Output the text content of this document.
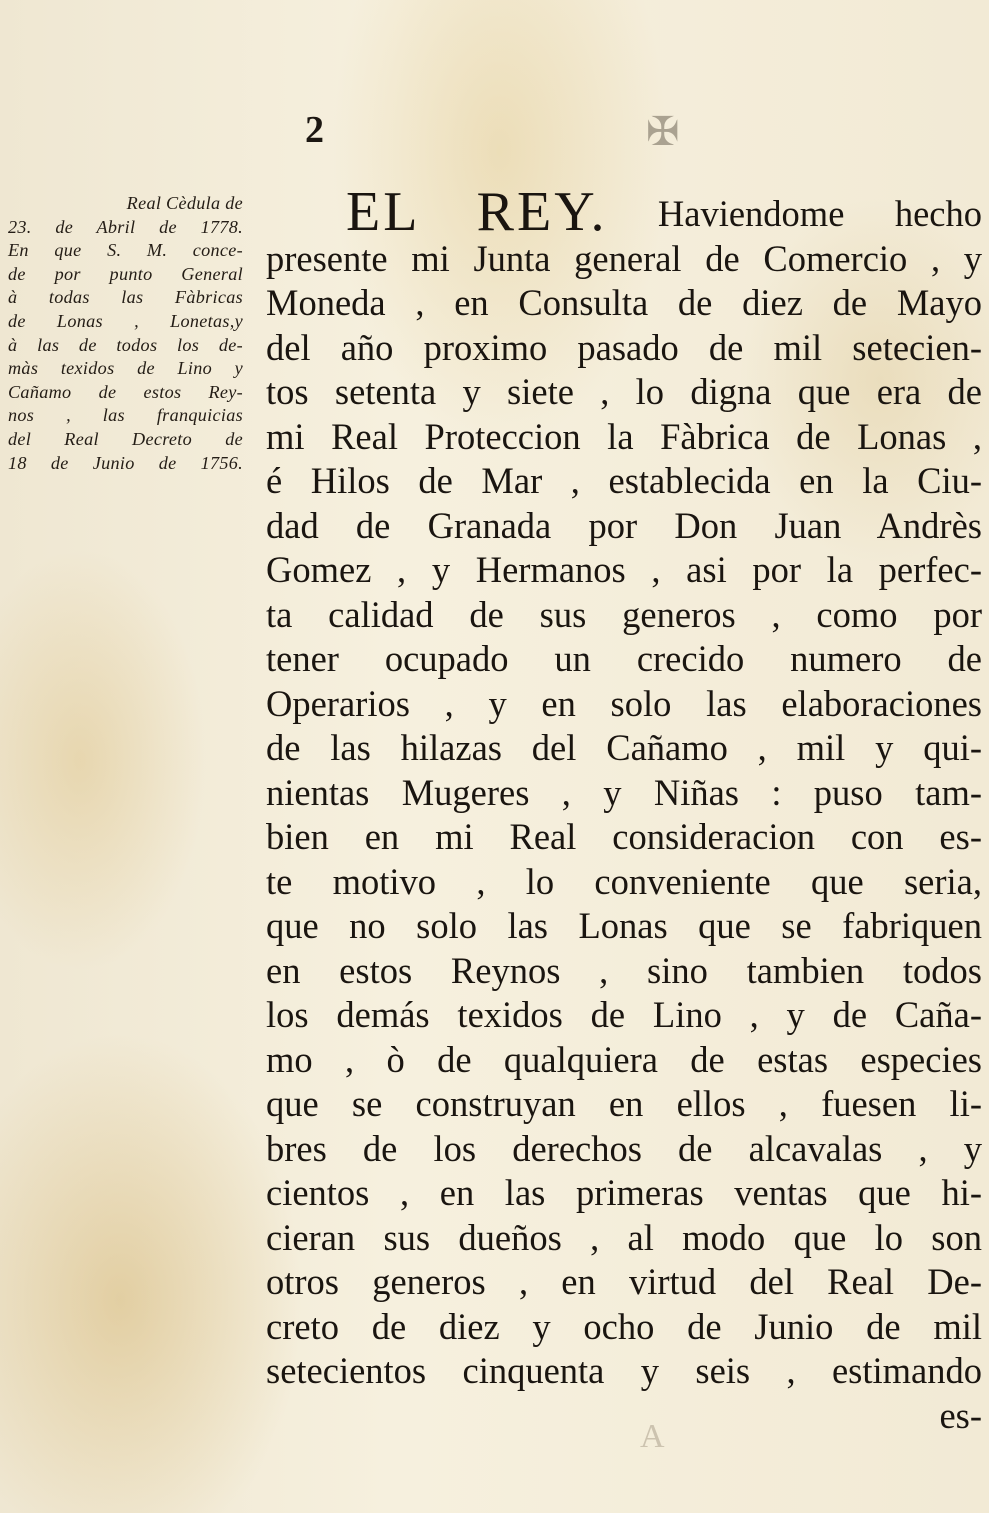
2	✠
Real Cèdula de
23. de Abril de 1778.
En que S. M. conce-
de por punto General
à todas las Fàbricas
de Lonas , Lonetas,y
à las de todos los de-
màs texidos de Lino y
Cañamo de estos Rey-
nos , las franquicias
del Real Decreto de
18 de Junio de 1756.
EL REY. Haviendome hecho
presente mi Junta general de Comercio , y
Moneda , en Consulta de diez de Mayo
del año proximo pasado de mil setecien-
tos setenta y siete , lo digna que era de
mi Real Proteccion la Fàbrica de Lonas ,
é Hilos de Mar , establecida en la Ciu-
dad de Granada por Don Juan Andrès
Gomez , y Hermanos , asi por la perfec-
ta calidad de sus generos , como por
tener ocupado un crecido numero de
Operarios , y en solo las elaboraciones
de las hilazas del Cañamo , mil y qui-
nientas Mugeres , y Niñas : puso tam-
bien en mi Real consideracion con es-
te motivo , lo conveniente que seria,
que no solo las Lonas que se fabriquen
en estos Reynos , sino tambien todos
los demás texidos de Lino , y de Caña-
mo , ò de qualquiera de estas especies
que se construyan en ellos , fuesen li-
bres de los derechos de alcavalas , y
cientos , en las primeras ventas que hi-
cieran sus dueños , al modo que lo son
otros generos , en virtud del Real De-
creto de diez y ocho de Junio de mil
setecientos cinquenta y seis , estimando
es-
A
